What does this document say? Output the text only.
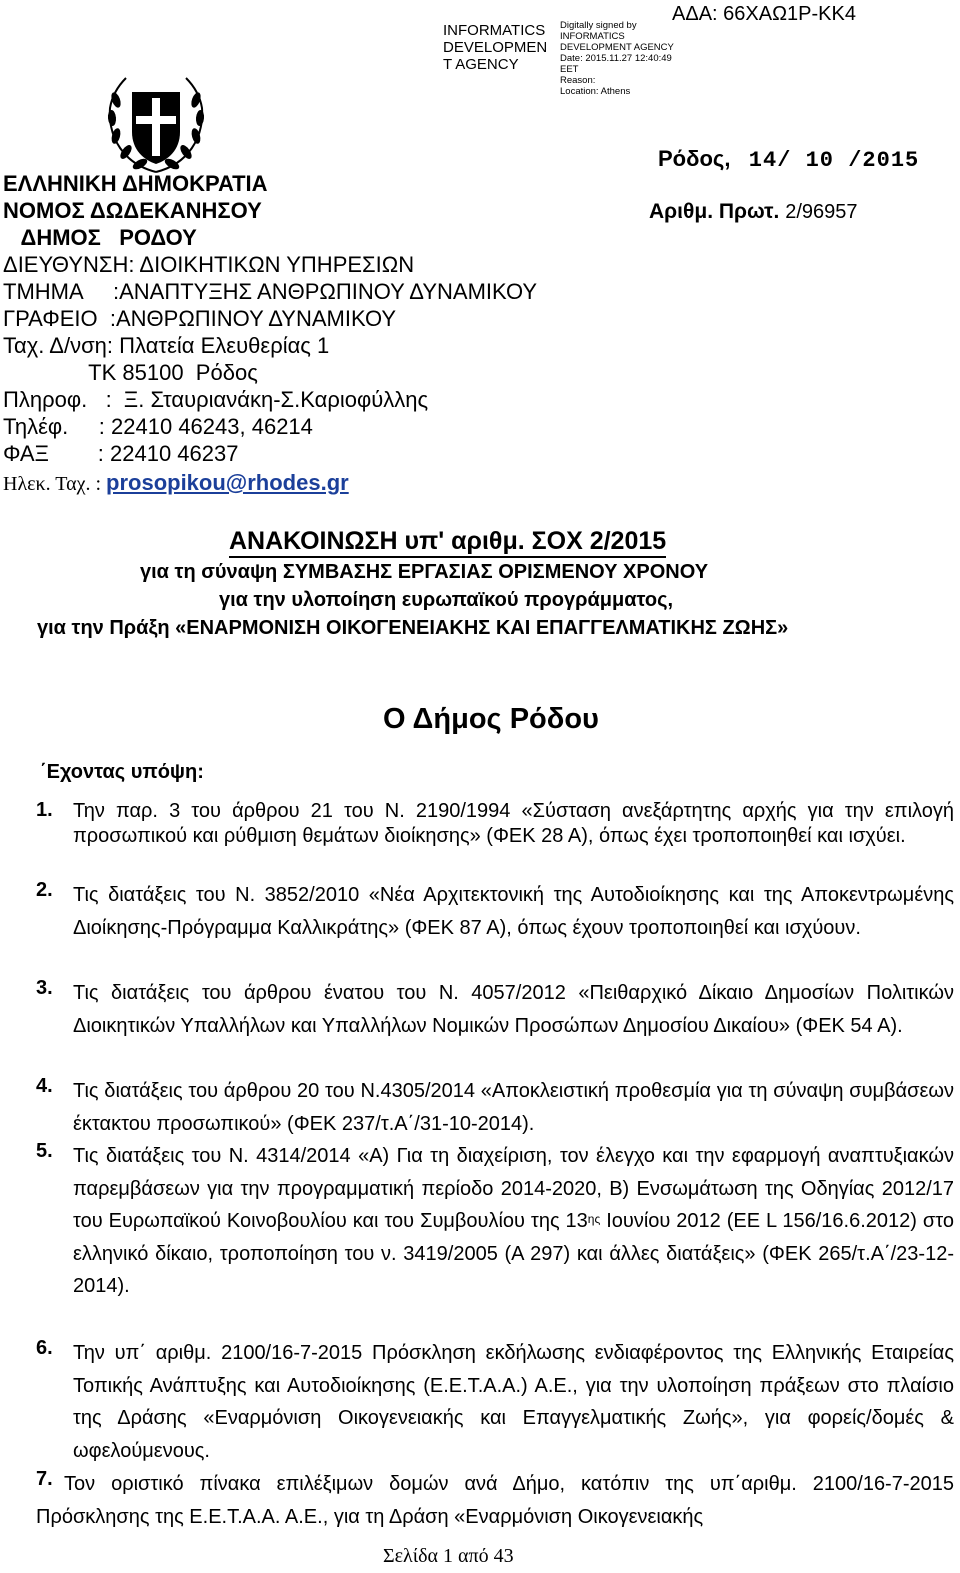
INFORMATICS
DEVELOPMEN
T AGENCY
Digitally signed by
INFORMATICS
DEVELOPMENT AGENCY
Date: 2015.11.27 12:40:49
EET
Reason:
Location: Athens
ΑΔΑ: 66ΧΑΩ1Ρ-ΚΚ4
Ρόδος, 14/ 10 /2015
Αριθμ. Πρωτ. 2/96957
ΕΛΛΗΝΙΚΗ ΔΗΜΟΚΡΑΤΙΑ
ΝΟΜΟΣ ΔΩΔΕΚΑΝΗΣΟΥ
ΔΗΜΟΣ   ΡΟΔΟΥ
ΔΙΕΥΘΥΝΣΗ: ΔΙΟΙΚΗΤΙΚΩΝ ΥΠΗΡΕΣΙΩΝ
ΤΜΗΜΑ     :ΑΝΑΠΤΥΞΗΣ ΑΝΘΡΩΠΙΝΟΥ ΔΥΝΑΜΙΚΟΥ
ΓΡΑΦΕΙΟ  :ΑΝΘΡΩΠΙΝΟΥ ΔΥΝΑΜΙΚΟΥ
Ταχ. Δ/νση: Πλατεία Ελευθερίας 1
ΤΚ 85100  Ρόδος
Πληροφ.   :  Ξ. Σταυριανάκη-Σ.Καριοφύλλης
Τηλέφ.     : 22410 46243, 46214
ΦΑΞ        : 22410 46237
Ηλεκ. Ταχ. : prosopikou@rhodes.gr
ΑΝΑΚΟΙΝΩΣΗ υπ' αριθμ. ΣΟΧ 2/2015
για τη σύναψη ΣΥΜΒΑΣΗΣ ΕΡΓΑΣΙΑΣ ΟΡΙΣΜΕΝΟΥ ΧΡΟΝΟΥ
για την υλοποίηση ευρωπαϊκού προγράμματος,
για την Πράξη «ΕΝΑΡΜΟΝΙΣΗ ΟΙΚΟΓΕΝΕΙΑΚΗΣ ΚΑΙ ΕΠΑΓΓΕΛΜΑΤΙΚΗΣ ΖΩΗΣ»
Ο Δήμος Ρόδου
΄Εχοντας υπόψη:
1. Την παρ. 3 του άρθρου 21 του Ν. 2190/1994 «Σύσταση ανεξάρτητης αρχής για την επιλογή προσωπικού και ρύθμιση θεμάτων διοίκησης» (ΦΕΚ 28 Α), όπως έχει τροποποιηθεί και ισχύει.
2. Τις διατάξεις του Ν. 3852/2010 «Νέα Αρχιτεκτονική της Αυτοδιοίκησης και της Αποκεντρωμένης Διοίκησης-Πρόγραμμα Καλλικράτης» (ΦΕΚ 87 Α), όπως έχουν τροποποιηθεί και ισχύουν.
3. Τις διατάξεις του άρθρου ένατου του Ν. 4057/2012 «Πειθαρχικό Δίκαιο Δημοσίων Πολιτικών Διοικητικών Υπαλλήλων και Υπαλλήλων Νομικών Προσώπων Δημοσίου Δικαίου» (ΦΕΚ 54 Α).
4. Τις διατάξεις του άρθρου 20 του Ν.4305/2014 «Αποκλειστική προθεσμία για τη σύναψη συμβάσεων έκτακτου προσωπικού» (ΦΕΚ 237/τ.Α΄/31-10-2014).
5. Τις διατάξεις του Ν. 4314/2014 «Α) Για τη διαχείριση, τον έλεγχο και την εφαρμογή αναπτυξιακών παρεμβάσεων για την προγραμματική περίοδο 2014-2020, Β) Ενσωμάτωση της Οδηγίας 2012/17 του Ευρωπαϊκού Κοινοβουλίου και του Συμβουλίου της $13^{\eta\varsigma}$ Ιουνίου 2012 (ΕΕ L 156/16.6.2012) στο ελληνικό δίκαιο, τροποποίηση του ν. 3419/2005 (Α 297) και άλλες διατάξεις» (ΦΕΚ 265/τ.Α΄/23-12-2014).
6. Την υπ΄ αριθμ. 2100/16-7-2015 Πρόσκληση εκδήλωσης ενδιαφέροντος της Ελληνικής Εταιρείας Τοπικής Ανάπτυξης και Αυτοδιοίκησης (Ε.Ε.Τ.Α.Α.) Α.Ε., για την υλοποίηση πράξεων στο πλαίσιο της Δράσης «Εναρμόνιση Οικογενειακής και Επαγγελματικής Ζωής», για φορείς/δομές & ωφελούμενους.
7. Τον οριστικό πίνακα επιλέξιμων δομών ανά Δήμο, κατόπιν της υπ΄αριθμ. 2100/16-7-2015 Πρόσκλησης της Ε.Ε.Τ.Α.Α. Α.Ε., για τη Δράση «Εναρμόνιση Οικογενειακής
Σελίδα 1 από 43
